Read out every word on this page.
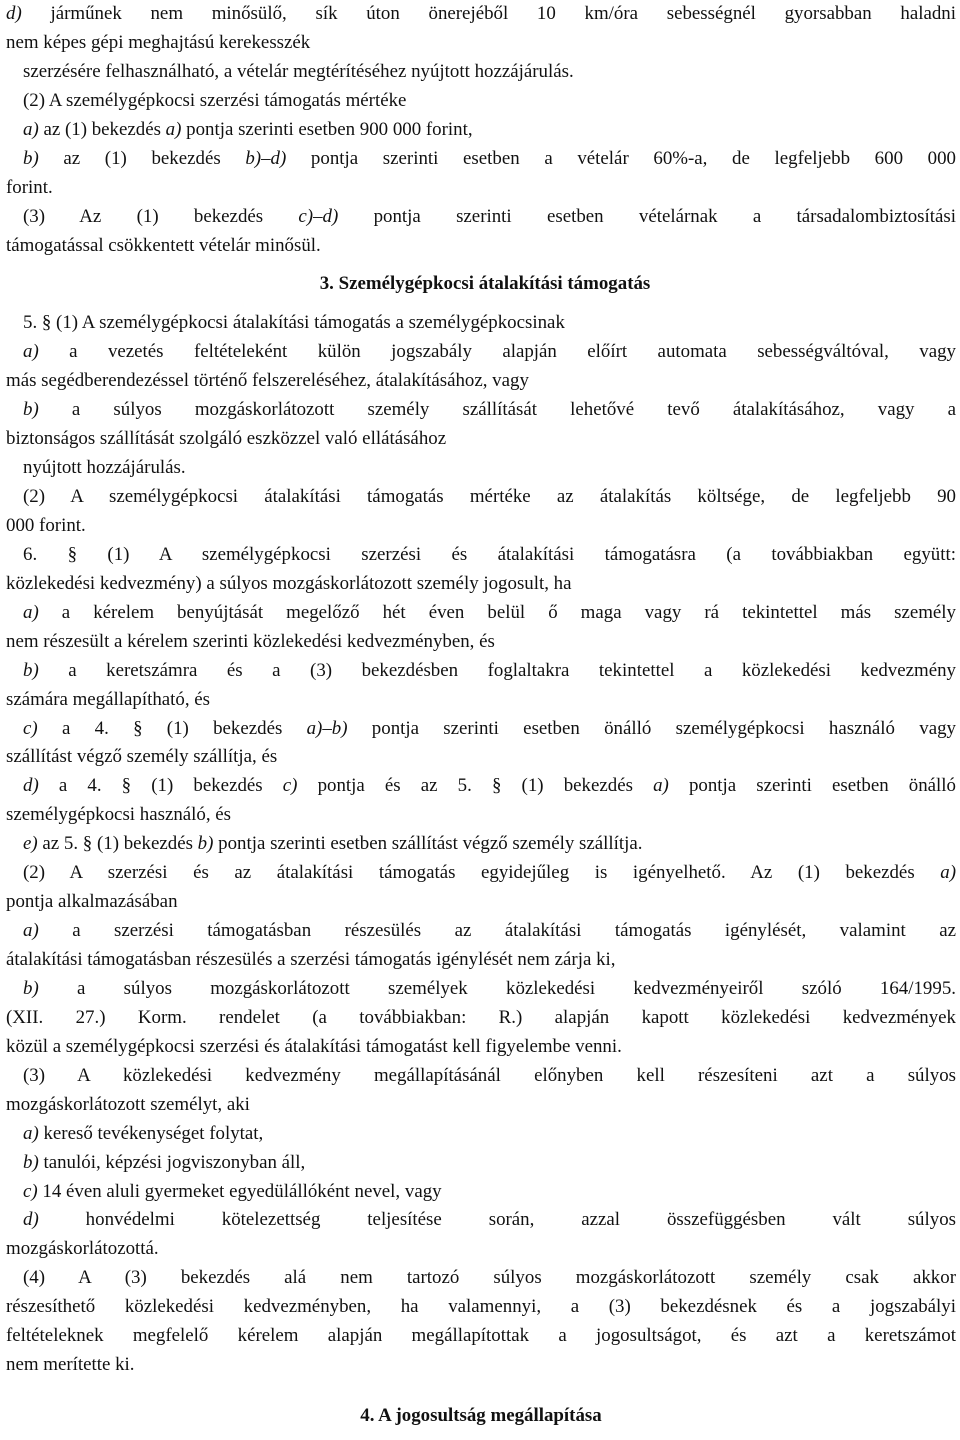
d) járműnek nem minősülő, sík úton önerejéből 10 km/óra sebességnél gyorsabban haladni
nem képes gépi meghajtású kerekesszék
szerzésére felhasználható, a vételár megtérítéséhez nyújtott hozzájárulás.
(2) A személygépkocsi szerzési támogatás mértéke
a) az (1) bekezdés a) pontja szerinti esetben 900 000 forint,
b) az (1) bekezdés b)–d) pontja szerinti esetben a vételár 60%-a, de legfeljebb 600 000
forint.
(3) Az (1) bekezdés c)–d) pontja szerinti esetben vételárnak a társadalombiztosítási
támogatással csökkentett vételár minősül.
3. Személygépkocsi átalakítási támogatás
5. § (1) A személygépkocsi átalakítási támogatás a személygépkocsinak
a) a vezetés feltételeként külön jogszabály alapján előírt automata sebességváltóval, vagy
más segédberendezéssel történő felszereléséhez, átalakításához, vagy
b) a súlyos mozgáskorlátozott személy szállítását lehetővé tevő átalakításához, vagy a
biztonságos szállítását szolgáló eszközzel való ellátásához
nyújtott hozzájárulás.
(2) A személygépkocsi átalakítási támogatás mértéke az átalakítás költsége, de legfeljebb 90
000 forint.
6. § (1) A személygépkocsi szerzési és átalakítási támogatásra (a továbbiakban együtt:
közlekedési kedvezmény) a súlyos mozgáskorlátozott személy jogosult, ha
a) a kérelem benyújtását megelőző hét éven belül ő maga vagy rá tekintettel más személy
nem részesült a kérelem szerinti közlekedési kedvezményben, és
b) a keretszámra és a (3) bekezdésben foglaltakra tekintettel a közlekedési kedvezmény
számára megállapítható, és
c) a 4. § (1) bekezdés a)–b) pontja szerinti esetben önálló személygépkocsi használó vagy
szállítást végző személy szállítja, és
d) a 4. § (1) bekezdés c) pontja és az 5. § (1) bekezdés a) pontja szerinti esetben önálló
személygépkocsi használó, és
e) az 5. § (1) bekezdés b) pontja szerinti esetben szállítást végző személy szállítja.
(2) A szerzési és az átalakítási támogatás egyidejűleg is igényelhető. Az (1) bekezdés a)
pontja alkalmazásában
a) a szerzési támogatásban részesülés az átalakítási támogatás igénylését, valamint az
átalakítási támogatásban részesülés a szerzési támogatás igénylését nem zárja ki,
b) a súlyos mozgáskorlátozott személyek közlekedési kedvezményeiről szóló 164/1995.
(XII. 27.) Korm. rendelet (a továbbiakban: R.) alapján kapott közlekedési kedvezmények
közül a személygépkocsi szerzési és átalakítási támogatást kell figyelembe venni.
(3) A közlekedési kedvezmény megállapításánál előnyben kell részesíteni azt a súlyos
mozgáskorlátozott személyt, aki
a) kereső tevékenységet folytat,
b) tanulói, képzési jogviszonyban áll,
c) 14 éven aluli gyermeket egyedülállóként nevel, vagy
d) honvédelmi kötelezettség teljesítése során, azzal összefüggésben vált súlyos
mozgáskorlátozottá.
(4) A (3) bekezdés alá nem tartozó súlyos mozgáskorlátozott személy csak akkor
részesíthető közlekedési kedvezményben, ha valamennyi, a (3) bekezdésnek és a jogszabályi
feltételeknek megfelelő kérelem alapján megállapítottak a jogosultságot, és azt a keretszámot
nem merítette ki.
4. A jogosultság megállapítása
